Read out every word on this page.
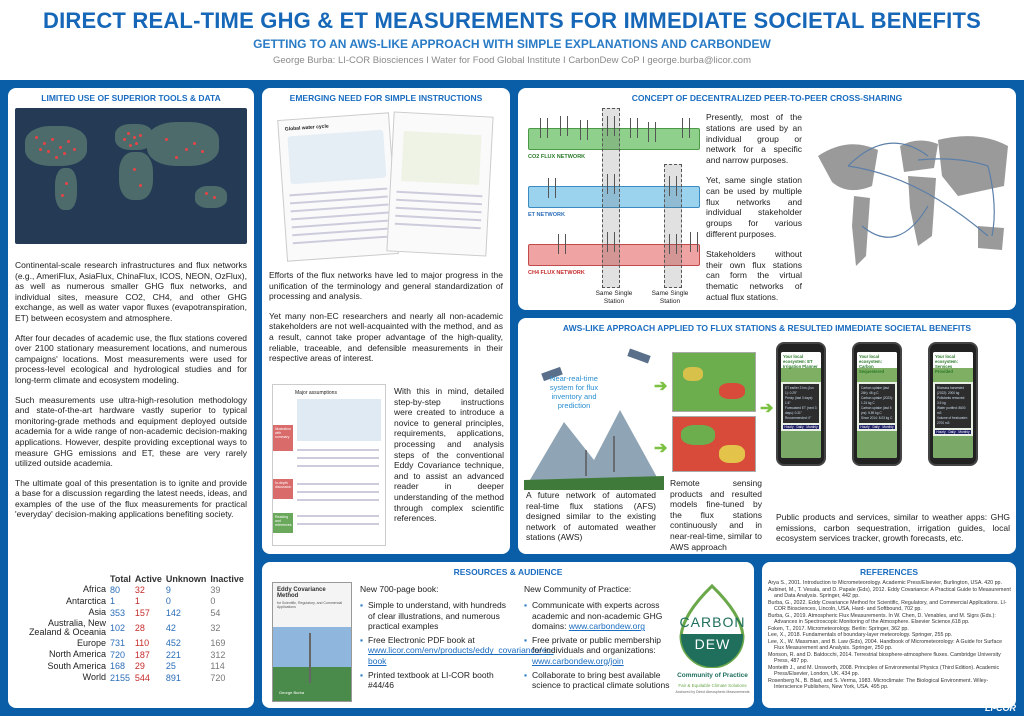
DIRECT REAL-TIME GHG & ET MEASUREMENTS FOR IMMEDIATE SOCIETAL BENEFITS
GETTING TO AN AWS-LIKE APPROACH WITH SIMPLE EXPLANATIONS AND CARBONDEW
George Burba: LI-COR Biosciences I Water for Food Global Institute I CarbonDew CoP I george.burba@licor.com
LIMITED USE OF SUPERIOR TOOLS & DATA

Continental-scale research infrastructures and flux networks (e.g., AmeriFlux, AsiaFlux, ChinaFlux, ICOS, NEON, OzFlux), as well as numerous smaller GHG flux networks, and individual sites, measure CO2, CH4, and other GHG exchange, as well as water vapor fluxes (evapotranspiration, ET) between ecosystem and atmosphere.

After four decades of academic use, the flux stations covered over 2100 stationary measurement locations, and numerous campaigns' locations. Most measurements were used for process-level ecological and hydrological studies and for long-term climate and ecosystem modeling.

Such measurements use ultra-high-resolution methodology and state-of-the-art hardware vastly superior to typical monitoring-grade methods and equipment deployed outside academia for a wide range of non-academic decision-making applications. However, despite providing exceptional ways to measure GHG emissions and ET, these are very rarely utilized outside academia.

The ultimate goal of this presentation is to ignite and provide a base for a discussion regarding the latest needs, ideas, and examples of the use of the flux measurements for practical 'everyday' decision-making applications benefiting society.

	Total	Active	Unknown	Inactive
Africa	80	32	9	39
Antarctica	1	1	0	0
Asia	353	157	142	54
Australia, New Zealand & Oceania	102	28	42	32
Europe	731	110	452	169
North America	720	187	221	312
South America	168	29	25	114
World	2155	544	891	720
EMERGING NEED FOR SIMPLE INSTRUCTIONS
Global water cycle

Efforts of the flux networks have led to major progress in the unification of the terminology and general standardization of processing and analysis.

Yet many non-EC researchers and nearly all non-academic stakeholders are not well-acquainted with the method, and as a result, cannot take proper advantage of the high-quality, reliable, traceable, and defensible measurements in their respective areas of interest.

Major assumptions
Illustration with summary
In-depth discussion
Reading and references

With this in mind, detailed step-by-step instructions were created to introduce a novice to general principles, requirements, applications, processing and analysis steps of the conventional Eddy Covariance technique, and to assist an advanced reader in deeper understanding of the method through complex scientific references.

CONCEPT OF DECENTRALIZED PEER-TO-PEER CROSS-SHARING
CO2 FLUX NETWORK
ET NETWORK
CH4 FLUX NETWORK
Same Single Station
Same Single Station

Presently, most of the stations are used by an individual group or network for a specific and narrow purposes.

Yet, same single station can be used by multiple flux networks and individual stakeholder groups for various different purposes.

Stakeholders without their own flux stations can form the virtual thematic networks of actual flux stations.

AWS-LIKE APPROACH APPLIED TO FLUX STATIONS & RESULTED IMMEDIATE SOCIETAL BENEFITS
Near-real-time system for flux inventory and prediction
➔
➔
➔
A future network of automated real-time flux stations (AFS) designed similar to the existing network of automated weather stations (AWS)
Remote sensing products and resulted models fine-tuned by the flux stations continuously and in near-real-time, similar to AWS approach
Your local ecosystem: ET Irrigation Planner
ET earlier 3 hrs (Jun 1): 0.29"
Precip (last 3 days): 1.6"
Forecasted ET (next 3 days): 0.31"
Recommended: 0"
Hourly Daily Monthly
Your local ecosystem: Carbon Sequestered
Carbon uptake (last 24h): 46 g C
Carbon uptake (2023): 1.24 kg C
Carbon uptake (last 5 yrs): 5.89 kg C
Since 2014: 8.03 kg C
Hourly Daily Monthly
Your local ecosystem: Services Provided
Biomass harvested (2022): 2000 kg
Pollutants removed: 3.5 kg
Water purified: 8600 m3
Volume of freshwater: 2700 m3
Hourly Daily Monthly
Public products and services, similar to weather apps: GHG emissions, carbon sequestration, irrigation guides, local ecosystem services tracker, growth forecasts, etc.
RESOURCES & AUDIENCE
Eddy Covariance Method
for Scientific, Regulatory, and Commercial Applications
George Burba
New 700-page book:
▪ Simple to understand, with hundreds of clear illustrations, and numerous practical examples
▪ Free Electronic PDF book at www.licor.com/env/products/eddy_covariance/ec-book
▪ Printed textbook at LI-COR booth #44/46
New Community of Practice:
▪ Communicate with experts across academic and non-academic GHG domains: www.carbondew.org
▪ Free private or public membership for individuals and organizations: www.carbondew.org/join
▪ Collaborate to bring best available science to practical climate solutions
CARBON
DEW
Community of Practice
Fair & Equitable Climate Solutions
Anchored by Direct Atmospheric Measurements
REFERENCES

Arya S., 2001. Introduction to Micrometeorology. Academic Press/Elsevier, Burlington, USA. 420 pp.

Aubinet, M., T. Vesala, and D. Papale (Eds), 2012. Eddy Covariance: A Practical Guide to Measurement and Data Analysis. Springer, 442 pp.

Burba, G., 2022. Eddy Covariance Method for Scientific, Regulatory, and Commercial Applications. LI-COR Biosciences, Lincoln, USA, Hard- and Softbound, 702 pp.

Burba, G., 2019. Atmospheric Flux Measurements. In W. Chen, D. Venables, and M. Sigrs (Eds.): Advances in Spectroscopic Monitoring of the Atmosphere. Elsevier Science,618 pp.

Foken, T., 2017. Micrometeorology. Berlin: Springer, 362 pp.

Lee, X., 2018. Fundamentals of boundary-layer meteorology. Springer, 255 pp.

Lee, X., W. Massman, and B. Law (Eds), 2004. Handbook of Micrometeorology: A Guide for Surface Flux Measurement and Analysis. Springer, 250 pp.

Monson, R. and D. Baldocchi, 2014. Terrestrial biosphere-atmosphere fluxes. Cambridge University Press, 487 pp.

Monteith J., and M. Unsworth, 2008. Principles of Environmental Physics (Third Edition). Academic Press/Elsevier, London, UK. 434 pp.

Rosenberg N., B. Blad, and S. Verma, 1983. Microclimate: The Biological Environment. Wiley-Interscience Publishers, New York, USA. 495 pp.

LI-COR
